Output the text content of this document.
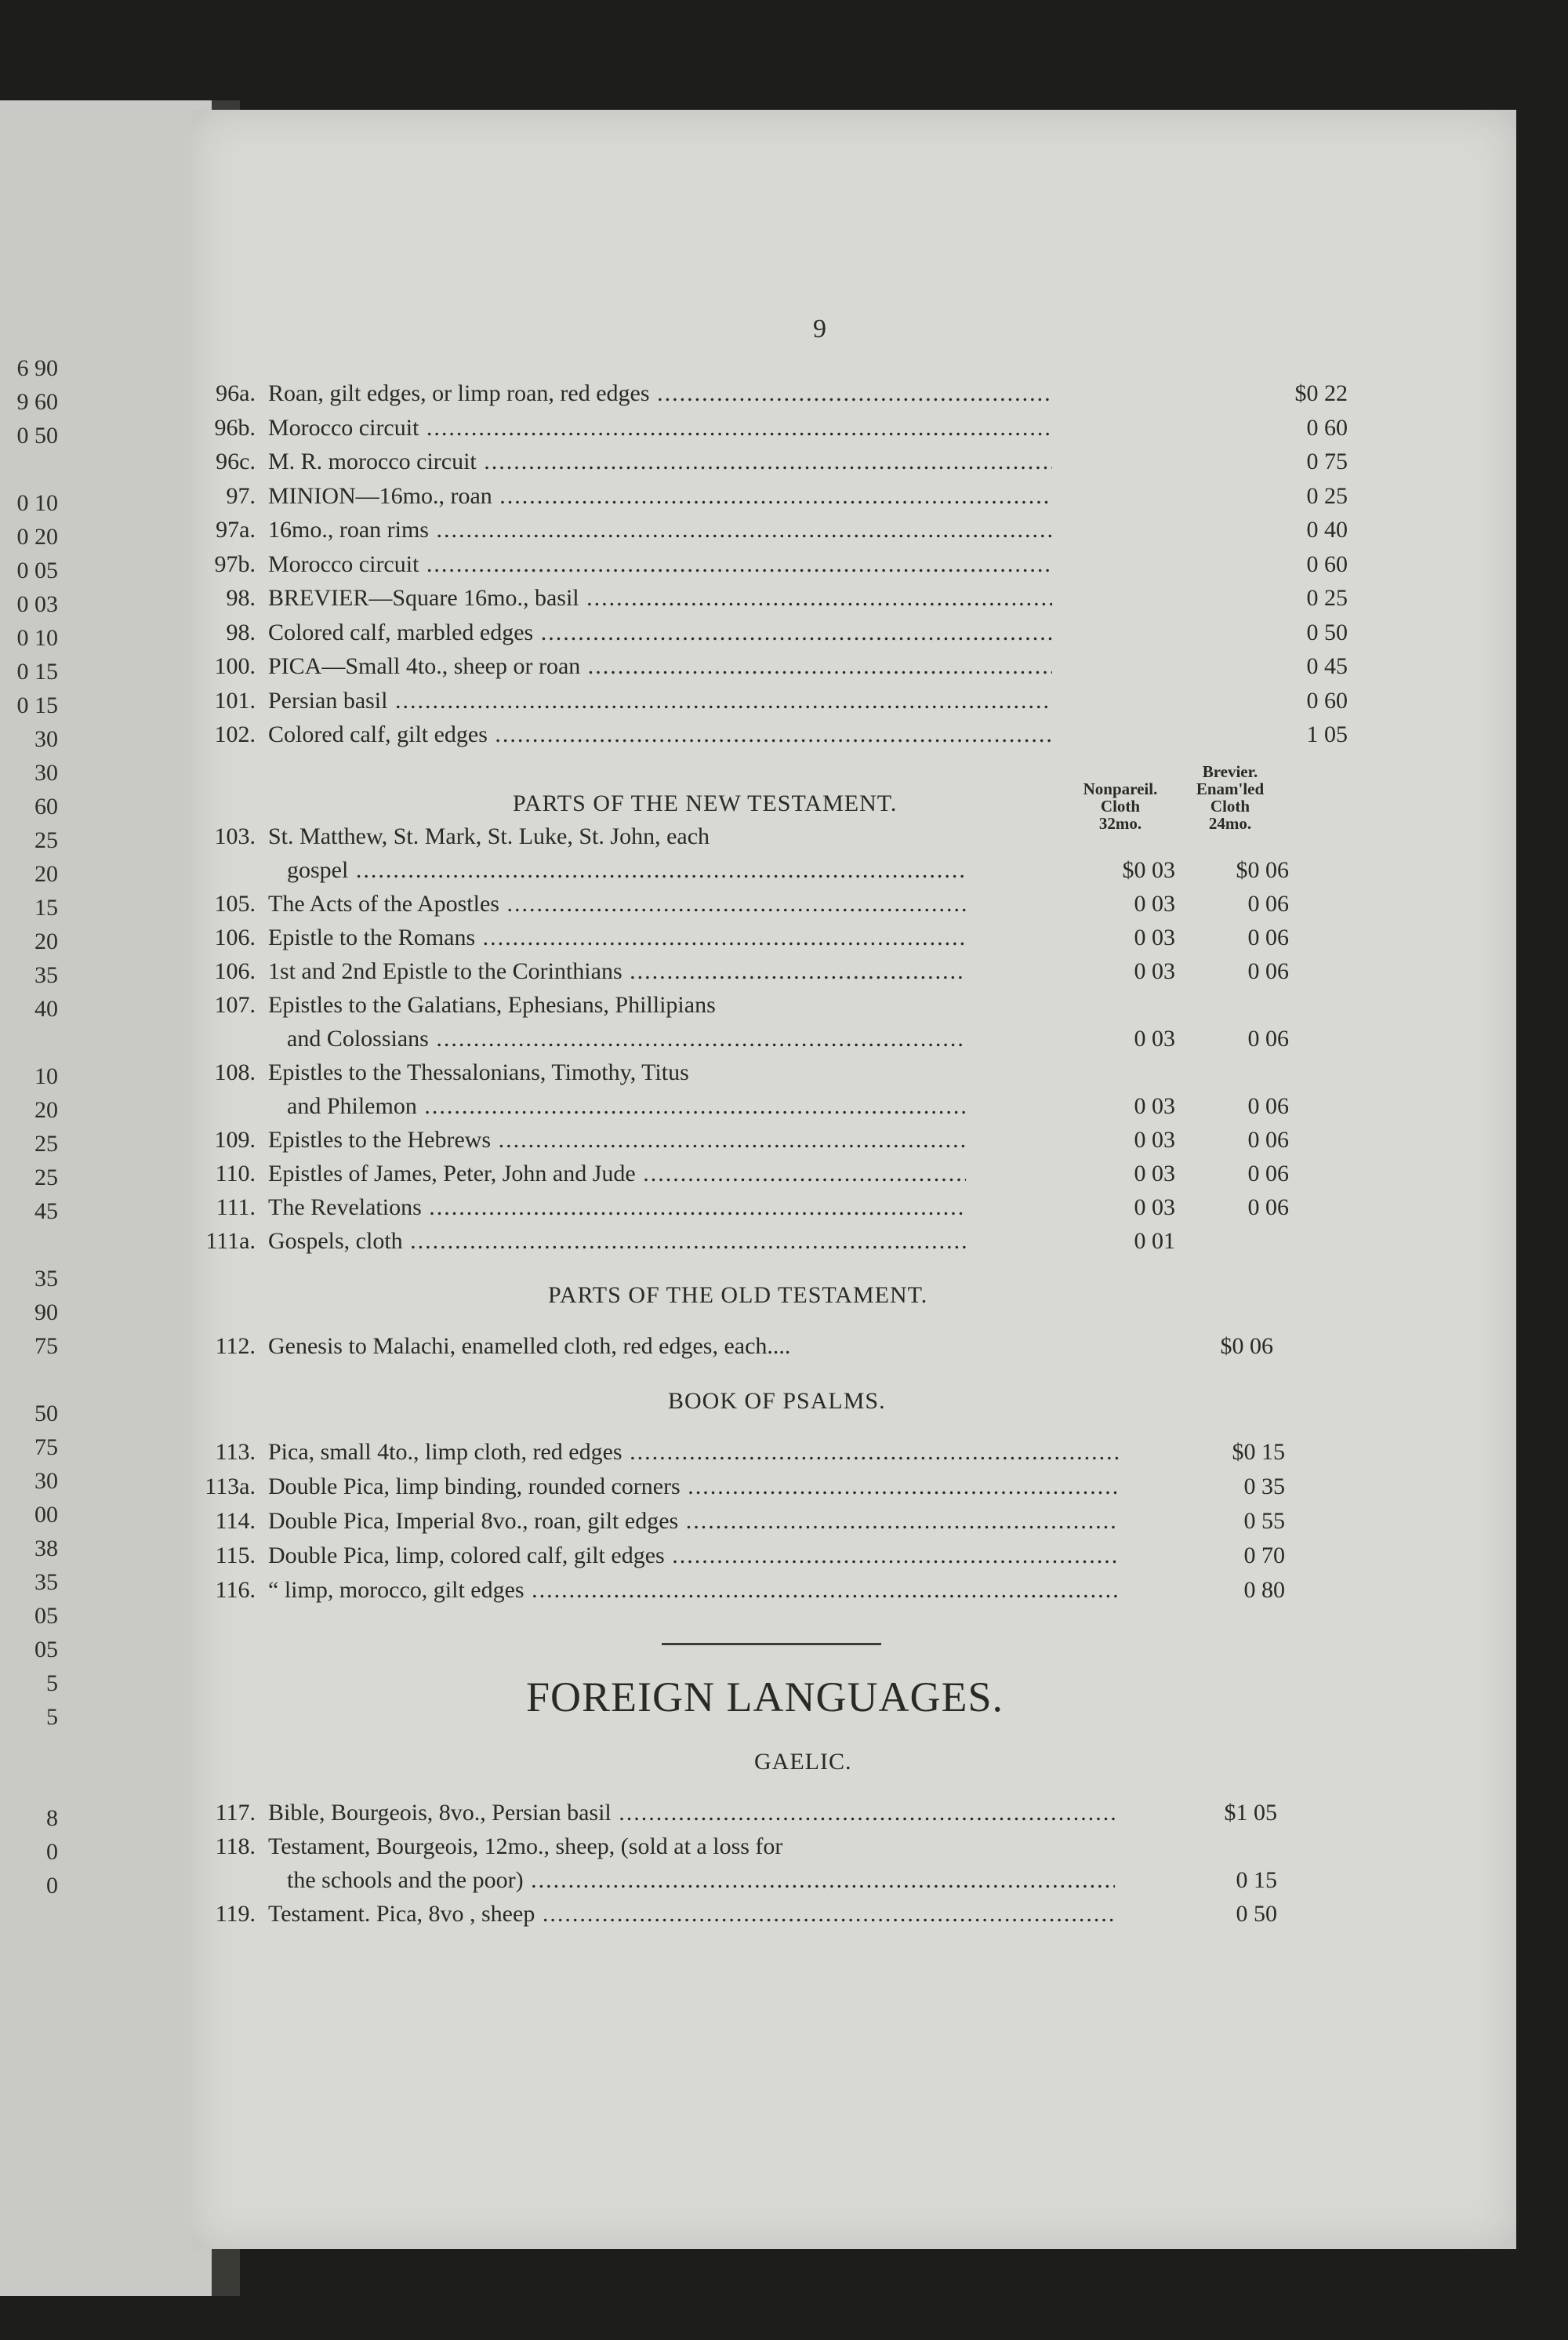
6 90
9 60
0 50

0 10
0 20
0 05
0 03
0 10
0 15
0 15
30
30
60
25
20
15
20
35
40

10
20
25
25
45

35
90
75

50
75
30
00
38
35
05
05
5
5

8
0
0
9
96a. Roan, gilt edges, or limp roan, red edges .....	$0 22
96b. Morocco circuit .....	0 60
96c. M. R. morocco circuit .....	0 75
97. MINION—16mo., roan .....	0 25
97a. 16mo., roan rims .....	0 40
97b. Morocco circuit .....	0 60
98. BREVIER—Square 16mo., basil .....	0 25
98. Colored calf, marbled edges .....	0 50
100. PICA—Small 4to., sheep or roan .....	0 45
101. Persian basil .....	0 60
102. Colored calf, gilt edges .....	1 05
PARTS OF THE NEW TESTAMENT.
Nonpareil.
Cloth
32mo.
Brevier.
Enam'led
Cloth
24mo.
103. St. Matthew, St. Mark, St. Luke, St. John, each
gospel .....	$0 03	$0 06
105. The Acts of the Apostles .....	0 03	0 06
106. Epistle to the Romans .....	0 03	0 06
106. 1st and 2nd Epistle to the Corinthians .....	0 03	0 06
107. Epistles to the Galatians, Ephesians, Phillipians
and Colossians .....	0 03	0 06
108. Epistles to the Thessalonians, Timothy, Titus
and Philemon .....	0 03	0 06
109. Epistles to the Hebrews .....	0 03	0 06
110. Epistles of James, Peter, John and Jude .....	0 03	0 06
111. The Revelations .....	0 03	0 06
111a. Gospels, cloth .....	0 01
PARTS OF THE OLD TESTAMENT.
112. Genesis to Malachi, enamelled cloth, red edges, each....	$0 06
BOOK OF PSALMS.
113. Pica, small 4to., limp cloth, red edges .....	$0 15
113a. Double Pica, limp binding, rounded corners .....	0 35
114. Double Pica, Imperial 8vo., roan, gilt edges .....	0 55
115. Double Pica, limp, colored calf, gilt edges .....	0 70
116. “ limp, morocco, gilt edges .....	0 80
FOREIGN LANGUAGES.
GAELIC.
117. Bible, Bourgeois, 8vo., Persian basil .....	$1 05
118. Testament, Bourgeois, 12mo., sheep, (sold at a loss for
the schools and the poor) .....	0 15
119. Testament. Pica, 8vo , sheep .....	0 50
